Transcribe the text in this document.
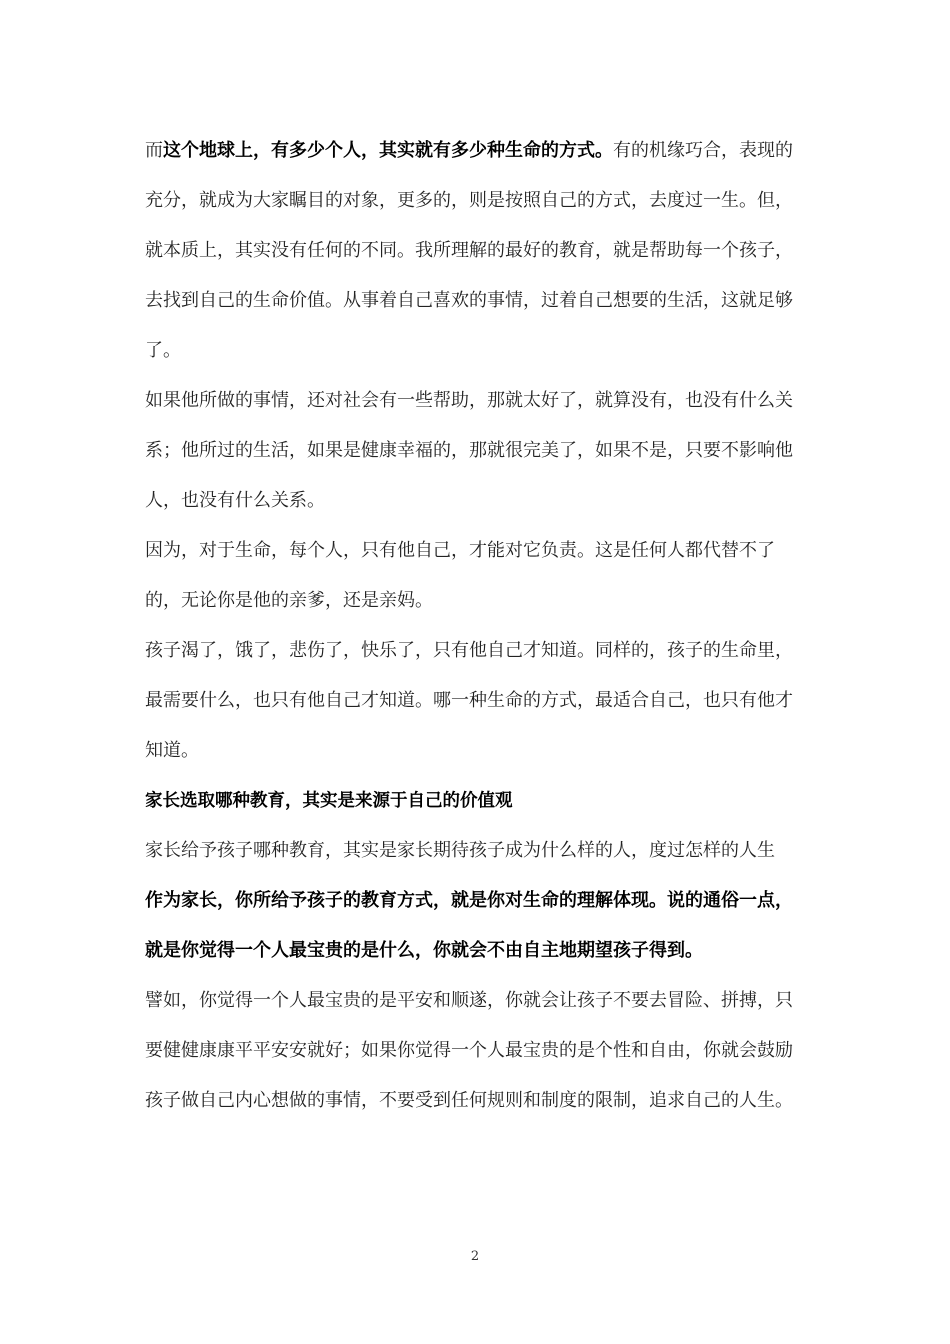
而这个地球上，有多少个人，其实就有多少种生命的方式。有的机缘巧合，表现的充分，就成为大家瞩目的对象，更多的，则是按照自己的方式，去度过一生。但，就本质上，其实没有任何的不同。我所理解的最好的教育，就是帮助每一个孩子，去找到自己的生命价值。从事着自己喜欢的事情，过着自己想要的生活，这就足够了。

如果他所做的事情，还对社会有一些帮助，那就太好了，就算没有，也没有什么关系；他所过的生活，如果是健康幸福的，那就很完美了，如果不是，只要不影响他人，也没有什么关系。

因为，对于生命，每个人，只有他自己，才能对它负责。这是任何人都代替不了的，无论你是他的亲爹，还是亲妈。

孩子渴了，饿了，悲伤了，快乐了，只有他自己才知道。同样的，孩子的生命里，最需要什么，也只有他自己才知道。哪一种生命的方式，最适合自己，也只有他才知道。

家长选取哪种教育，其实是来源于自己的价值观

家长给予孩子哪种教育，其实是家长期待孩子成为什么样的人，度过怎样的人生

作为家长，你所给予孩子的教育方式，就是你对生命的理解体现。说的通俗一点，就是你觉得一个人最宝贵的是什么，你就会不由自主地期望孩子得到。

譬如，你觉得一个人最宝贵的是平安和顺遂，你就会让孩子不要去冒险、拼搏，只要健健康康平平安安就好；如果你觉得一个人最宝贵的是个性和自由，你就会鼓励孩子做自己内心想做的事情，不要受到任何规则和制度的限制，追求自己的人生。

2
